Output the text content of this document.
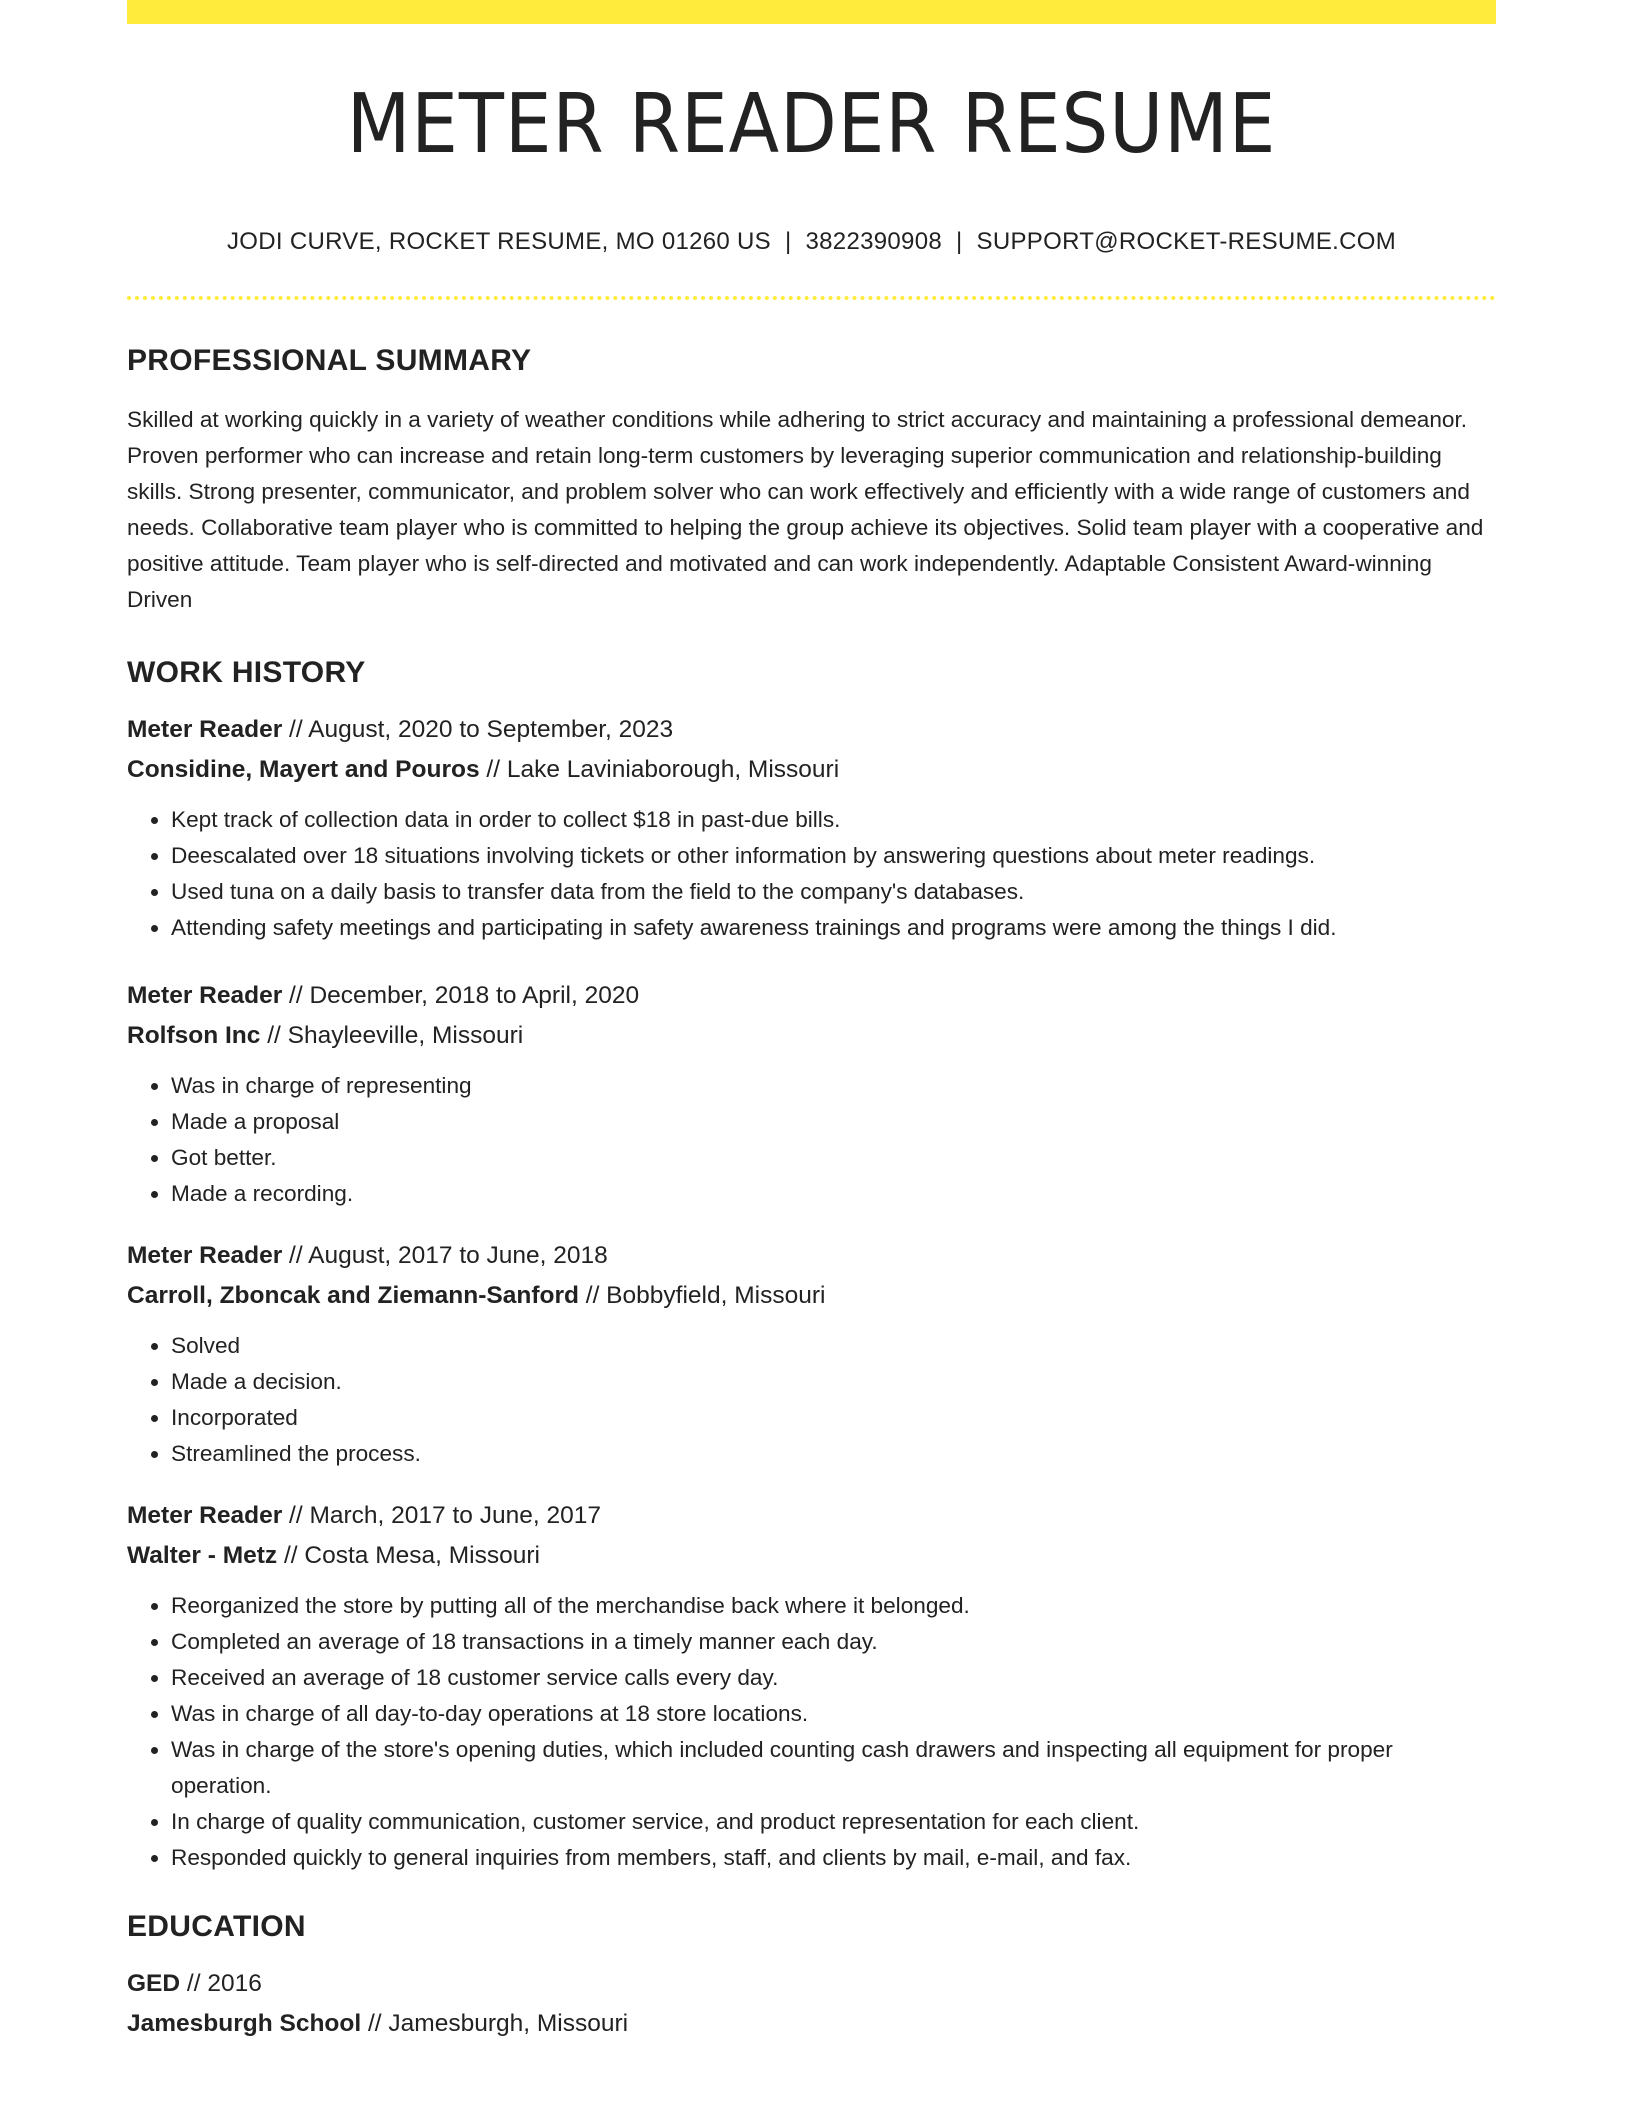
METER READER RESUME
JODI CURVE, ROCKET RESUME, MO 01260 US | 3822390908 | SUPPORT@ROCKET-RESUME.COM
PROFESSIONAL SUMMARY

Skilled at working quickly in a variety of weather conditions while adhering to strict accuracy and maintaining a professional demeanor. Proven performer who can increase and retain long-term customers by leveraging superior communication and relationship-building skills. Strong presenter, communicator, and problem solver who can work effectively and efficiently with a wide range of customers and needs. Collaborative team player who is committed to helping the group achieve its objectives. Solid team player with a cooperative and positive attitude. Team player who is self-directed and motivated and can work independently. Adaptable Consistent Award-winning Driven

WORK HISTORY
Meter Reader // August, 2020 to September, 2023
Considine, Mayert and Pouros // Lake Laviniaborough, Missouri
• Kept track of collection data in order to collect $18 in past-due bills.
• Deescalated over 18 situations involving tickets or other information by answering questions about meter readings.
• Used tuna on a daily basis to transfer data from the field to the company's databases.
• Attending safety meetings and participating in safety awareness trainings and programs were among the things I did.
Meter Reader // December, 2018 to April, 2020
Rolfson Inc // Shayleeville, Missouri
• Was in charge of representing
• Made a proposal
• Got better.
• Made a recording.
Meter Reader // August, 2017 to June, 2018
Carroll, Zboncak and Ziemann-Sanford // Bobbyfield, Missouri
• Solved
• Made a decision.
• Incorporated
• Streamlined the process.
Meter Reader // March, 2017 to June, 2017
Walter - Metz // Costa Mesa, Missouri
• Reorganized the store by putting all of the merchandise back where it belonged.
• Completed an average of 18 transactions in a timely manner each day.
• Received an average of 18 customer service calls every day.
• Was in charge of all day-to-day operations at 18 store locations.
• Was in charge of the store's opening duties, which included counting cash drawers and inspecting all equipment for proper operation.
• In charge of quality communication, customer service, and product representation for each client.
• Responded quickly to general inquiries from members, staff, and clients by mail, e-mail, and fax.
EDUCATION
GED // 2016
Jamesburgh School // Jamesburgh, Missouri
